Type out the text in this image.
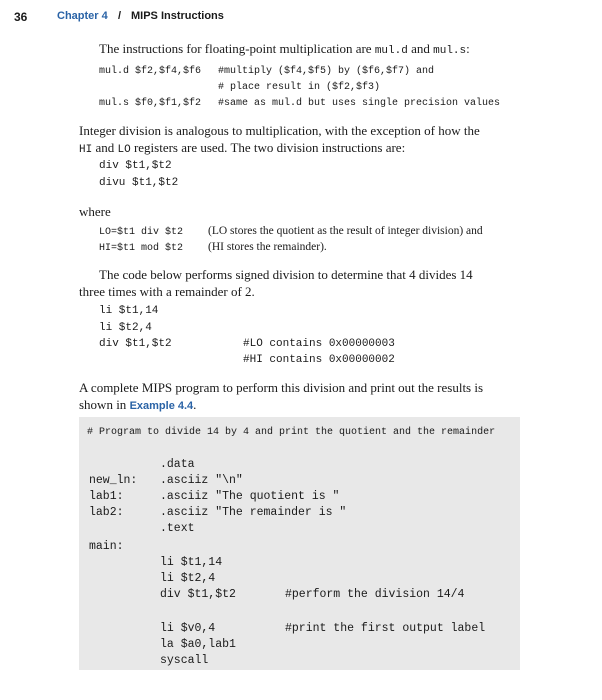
36	Chapter 4 / MIPS Instructions
The instructions for floating-point multiplication are mul.d and mul.s:
mul.d $f2,$f4,$f6 #multiply ($f4,$f5) by ($f6,$f7) and
# place result in ($f2,$f3)
mul.s $f0,$f1,$f2 #same as mul.d but uses single precision values
Integer division is analogous to multiplication, with the exception of how the
HI and LO registers are used. The two division instructions are:
div $t1,$t2
divu $t1,$t2
where
LO=$t1 div $t2 (LO stores the quotient as the result of integer division) and
HI=$t1 mod $t2 (HI stores the remainder).
The code below performs signed division to determine that 4 divides 14
three times with a remainder of 2.
li $t1,14
li $t2,4
div $t1,$t2	#LO contains 0x00000003
#HI contains 0x00000002
A complete MIPS program to perform this division and print out the results is
shown in Example 4.4.
# Program to divide 14 by 4 and print the quotient and the remainder
.data
new_ln: .asciiz "\n"
lab1:	.asciiz "The quotient is "
lab2:	.asciiz "The remainder is "
.text
main:
li $t1,14
li $t2,4
div $t1,$t2	#perform the division 14/4
li $v0,4	#print the first output label
la $a0,lab1
syscall
